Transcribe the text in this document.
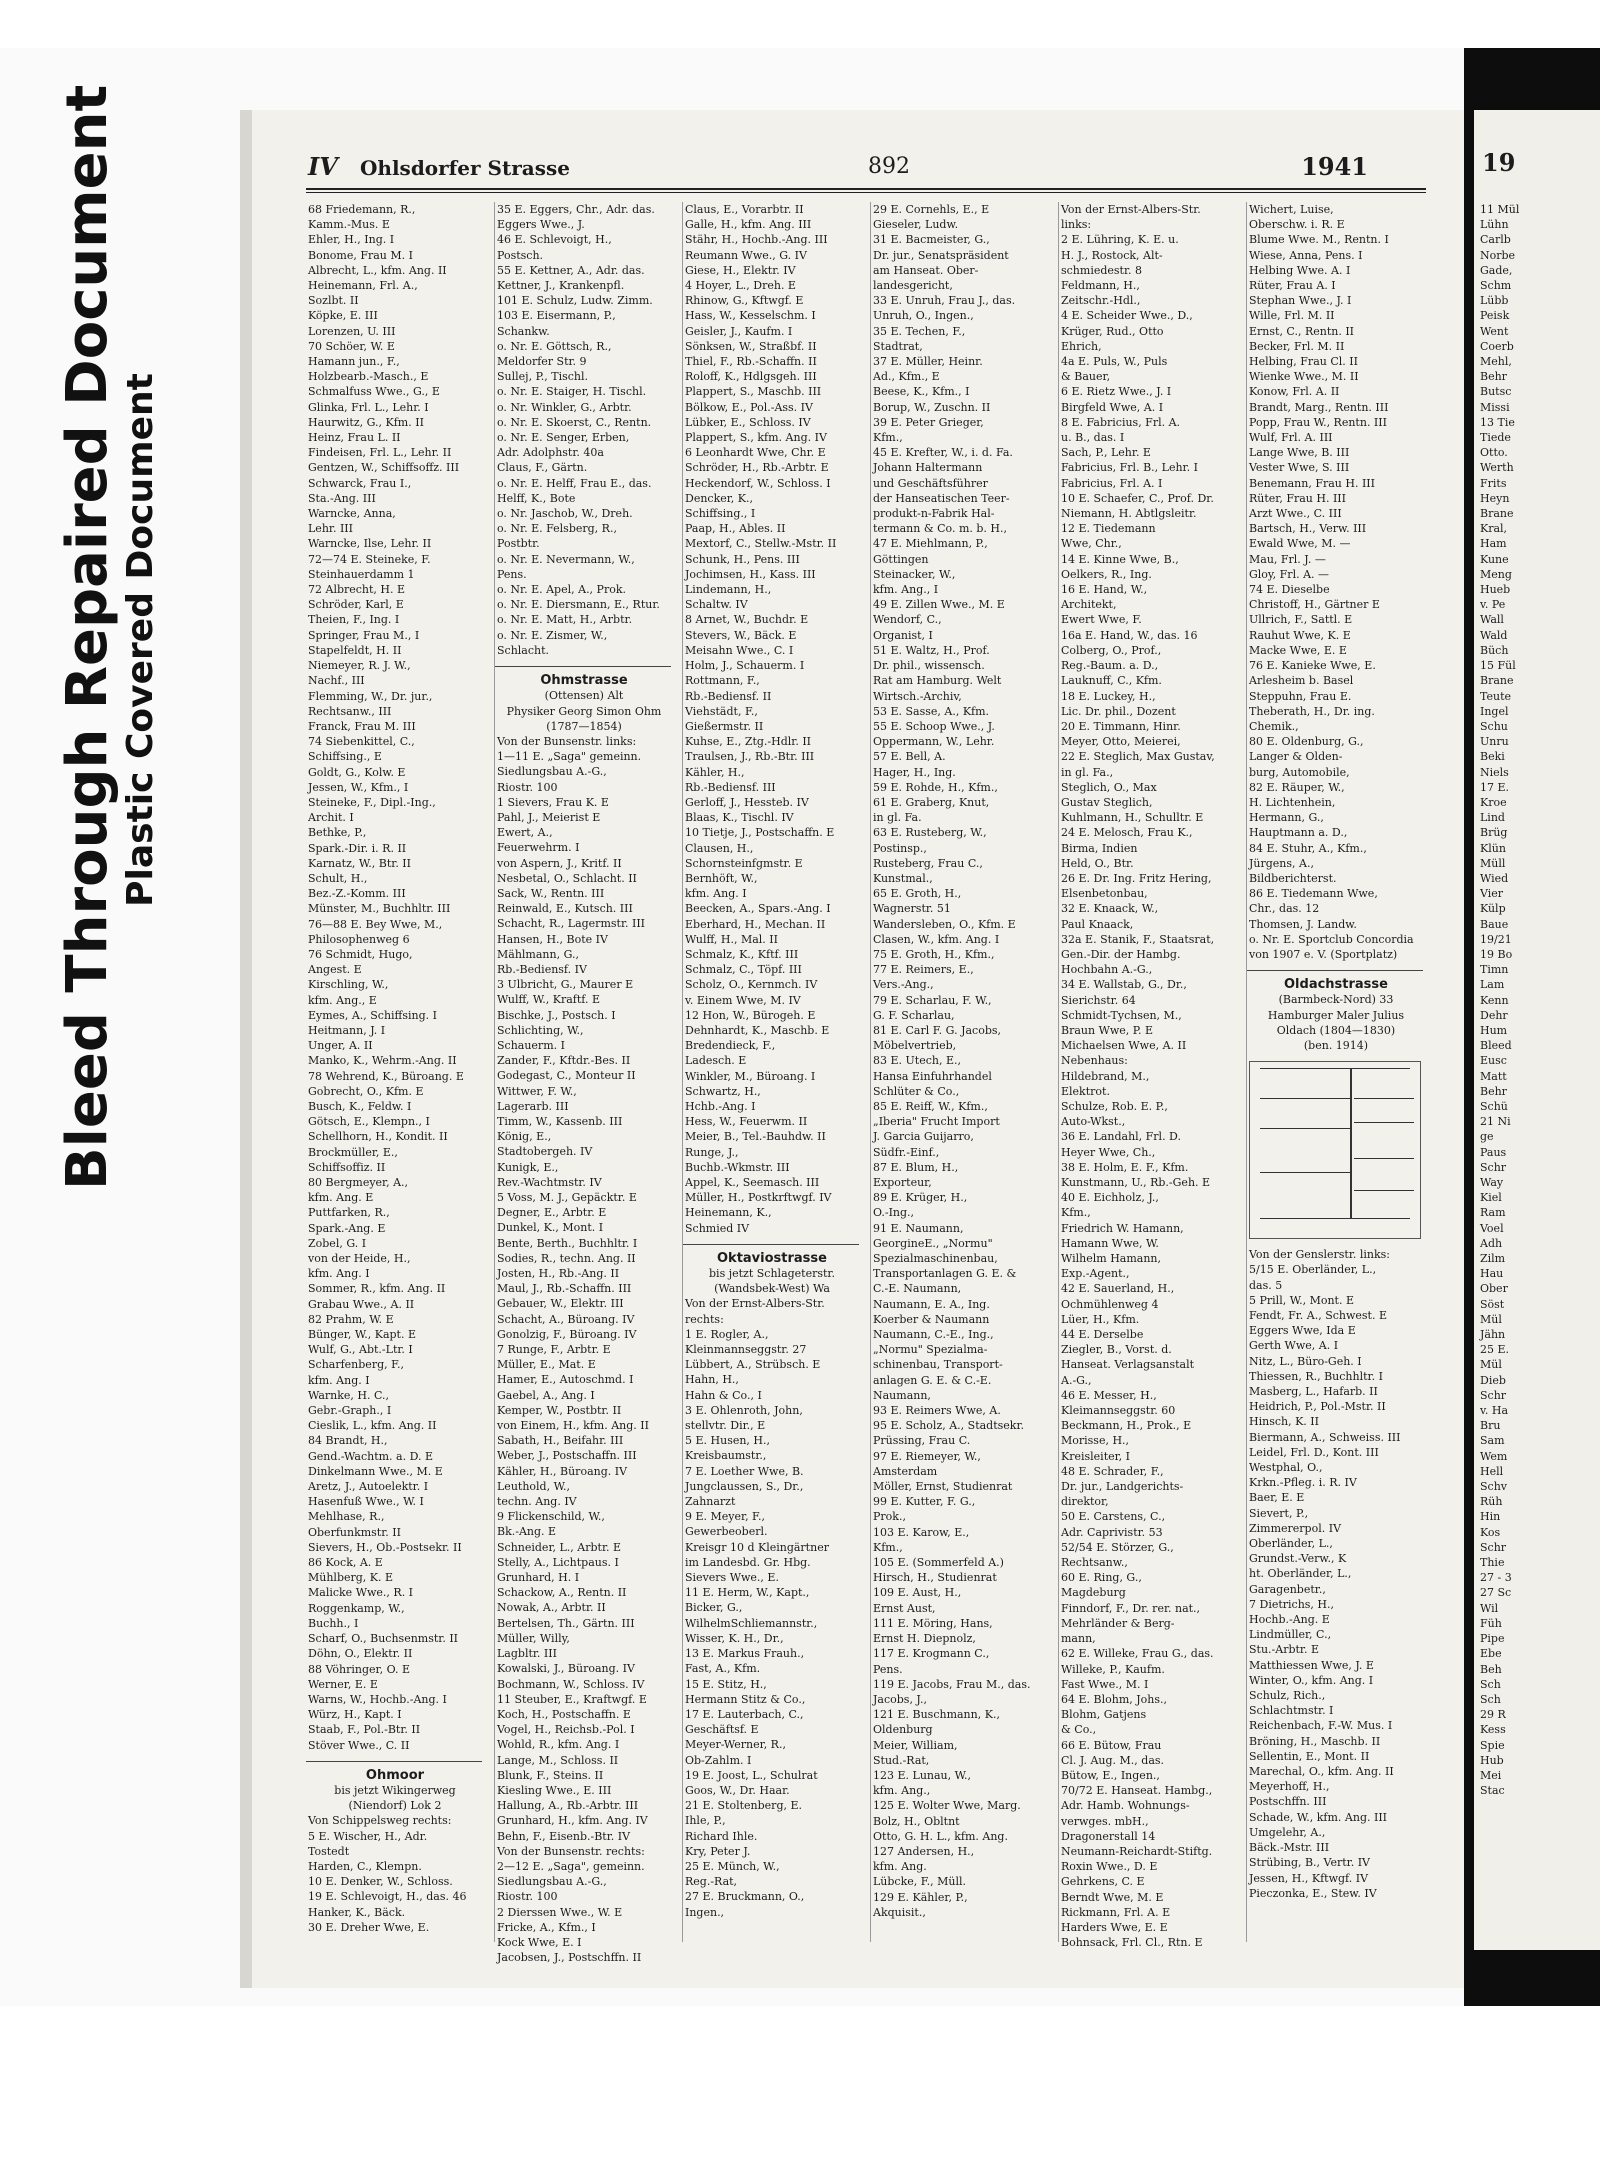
Bleed Through Repaired Document Plastic Covered Document
IV Ohlsdorfer Strasse	892	1941

68 Friedemann, R.,

Kamm.-Mus. E

Ehler, H., Ing. I

Bonome, Frau M. I

Albrecht, L., kfm. Ang. II

Heinemann, Frl. A.,

Sozlbt. II

Köpke, E. III

Lorenzen, U. III

70 Schöer, W. E

Hamann jun., F.,

Holzbearb.-Masch., E

Schmalfuss Wwe., G., E

Glinka, Frl. L., Lehr. I

Haurwitz, G., Kfm. II

Heinz, Frau L. II

Findeisen, Frl. L., Lehr. II

Gentzen, W., Schiffsoffz. III

Schwarck, Frau I.,

Sta.-Ang. III

Warncke, Anna,

Lehr. III

Warncke, Ilse, Lehr. II

72—74 E. Steineke, F.

Steinhauerdamm 1

72 Albrecht, H. E

Schröder, Karl, E

Theien, F., Ing. I

Springer, Frau M., I

Stapelfeldt, H. II

Niemeyer, R. J. W.,

Nachf., III

Flemming, W., Dr. jur.,

Rechtsanw., III

Franck, Frau M. III

74 Siebenkittel, C.,

Schiffsing., E

Goldt, G., Kolw. E

Jessen, W., Kfm., I

Steineke, F., Dipl.-Ing.,

Archit. I

Bethke, P.,

Spark.-Dir. i. R. II

Karnatz, W., Btr. II

Schult, H.,

Bez.-Z.-Komm. III

Münster, M., Buchhltr. III

76—88 E. Bey Wwe, M.,

Philosophenweg 6

76 Schmidt, Hugo,

Angest. E

Kirschling, W.,

kfm. Ang., E

Eymes, A., Schiffsing. I

Heitmann, J. I

Unger, A. II

Manko, K., Wehrm.-Ang. II

78 Wehrend, K., Büroang. E

Gobrecht, O., Kfm. E

Busch, K., Feldw. I

Götsch, E., Klempn., I

Schellhorn, H., Kondit. II

Brockmüller, E.,

Schiffsoffiz. II

80 Bergmeyer, A.,

kfm. Ang. E

Puttfarken, R.,

Spark.-Ang. E

Zobel, G. I

von der Heide, H.,

kfm. Ang. I

Sommer, R., kfm. Ang. II

Grabau Wwe., A. II

82 Prahm, W. E

Bünger, W., Kapt. E

Wulf, G., Abt.-Ltr. I

Scharfenberg, F.,

kfm. Ang. I

Warnke, H. C.,

Gebr.-Graph., I

Cieslik, L., kfm. Ang. II

84 Brandt, H.,

Gend.-Wachtm. a. D. E

Dinkelmann Wwe., M. E

Aretz, J., Autoelektr. I

Hasenfuß Wwe., W. I

Mehlhase, R.,

Oberfunkmstr. II

Sievers, H., Ob.-Postsekr. II

86 Kock, A. E

Mühlberg, K. E

Malicke Wwe., R. I

Roggenkamp, W.,

Buchh., I

Scharf, O., Buchsenmstr. II

Döhn, O., Elektr. II

88 Vöhringer, O. E

Werner, E. E

Warns, W., Hochb.-Ang. I

Würz, H., Kapt. I

Staab, F., Pol.-Btr. II

Stöver Wwe., C. II

Ohmoor

bis jetzt Wikingerweg

(Niendorf) Lok 2

Von Schippelsweg rechts:

5 E. Wischer, H., Adr.

Tostedt

Harden, C., Klempn.

10 E. Denker, W., Schloss.

19 E. Schlevoigt, H., das. 46

Hanker, K., Bäck.

30 E. Dreher Wwe, E.

35 E. Eggers, Chr., Adr. das.

Eggers Wwe., J.

46 E. Schlevoigt, H.,

Postsch.

55 E. Kettner, A., Adr. das.

Kettner, J., Krankenpfl.

101 E. Schulz, Ludw. Zimm.

103 E. Eisermann, P.,

Schankw.

o. Nr. E. Göttsch, R.,

Meldorfer Str. 9

Sullej, P., Tischl.

o. Nr. E. Staiger, H. Tischl.

o. Nr. Winkler, G., Arbtr.

o. Nr. E. Skoerst, C., Rentn.

o. Nr. E. Senger, Erben,

Adr. Adolphstr. 40a

Claus, F., Gärtn.

o. Nr. E. Helff, Frau E., das.

Helff, K., Bote

o. Nr. Jaschob, W., Dreh.

o. Nr. E. Felsberg, R.,

Postbtr.

o. Nr. E. Nevermann, W.,

Pens.

o. Nr. E. Apel, A., Prok.

o. Nr. E. Diersmann, E., Rtur.

o. Nr. E. Matt, H., Arbtr.

o. Nr. E. Zismer, W.,

Schlacht.

Ohmstrasse

(Ottensen) Alt

Physiker Georg Simon Ohm

(1787—1854)

Von der Bunsenstr. links:

1—11 E. „Saga" gemeinn.

Siedlungsbau A.-G.,

Riostr. 100

1 Sievers, Frau K. E

Pahl, J., Meierist E

Ewert, A.,

Feuerwehrm. I

von Aspern, J., Kritf. II

Nesbetal, O., Schlacht. II

Sack, W., Rentn. III

Reinwald, E., Kutsch. III

Schacht, R., Lagermstr. III

Hansen, H., Bote IV

Mählmann, G.,

Rb.-Bediensf. IV

3 Ulbricht, G., Maurer E

Wulff, W., Kraftf. E

Bischke, J., Postsch. I

Schlichting, W.,

Schauerm. I

Zander, F., Kftdr.-Bes. II

Godegast, C., Monteur II

Wittwer, F. W.,

Lagerarb. III

Timm, W., Kassenb. III

König, E.,

Stadtobergeh. IV

Kunigk, E.,

Rev.-Wachtmstr. IV

5 Voss, M. J., Gepäcktr. E

Degner, E., Arbtr. E

Dunkel, K., Mont. I

Bente, Berth., Buchhltr. I

Sodies, R., techn. Ang. II

Josten, H., Rb.-Ang. II

Maul, J., Rb.-Schaffn. III

Gebauer, W., Elektr. III

Schacht, A., Büroang. IV

Gonolzig, F., Büroang. IV

7 Runge, F., Arbtr. E

Müller, E., Mat. E

Hamer, E., Autoschmd. I

Gaebel, A., Ang. I

Kemper, W., Postbtr. II

von Einem, H., kfm. Ang. II

Sabath, H., Beifahr. III

Weber, J., Postschaffn. III

Kähler, H., Büroang. IV

Leuthold, W.,

techn. Ang. IV

9 Flickenschild, W.,

Bk.-Ang. E

Schneider, L., Arbtr. E

Stelly, A., Lichtpaus. I

Grunhard, H. I

Schackow, A., Rentn. II

Nowak, A., Arbtr. II

Bertelsen, Th., Gärtn. III

Müller, Willy,

Lagbltr. III

Kowalski, J., Büroang. IV

Bochmann, W., Schloss. IV

11 Steuber, E., Kraftwgf. E

Koch, H., Postschaffn. E

Vogel, H., Reichsb.-Pol. I

Wohld, R., kfm. Ang. I

Lange, M., Schloss. II

Blunk, F., Steins. II

Kiesling Wwe., E. III

Hallung, A., Rb.-Arbtr. III

Grunhard, H., kfm. Ang. IV

Behn, F., Eisenb.-Btr. IV

Von der Bunsenstr. rechts:

2—12 E. „Saga", gemeinn.

Siedlungsbau A.-G.,

Riostr. 100

2 Dierssen Wwe., W. E

Fricke, A., Kfm., I

Kock Wwe, E. I

Jacobsen, J., Postschffn. II

Claus, E., Vorarbtr. II

Galle, H., kfm. Ang. III

Stähr, H., Hochb.-Ang. III

Reumann Wwe., G. IV

Giese, H., Elektr. IV

4 Hoyer, L., Dreh. E

Rhinow, G., Kftwgf. E

Hass, W., Kesselschm. I

Geisler, J., Kaufm. I

Sönksen, W., Straßbf. II

Thiel, F., Rb.-Schaffn. II

Roloff, K., Hdlgsgeh. III

Plappert, S., Maschb. III

Bölkow, E., Pol.-Ass. IV

Lübker, E., Schloss. IV

Plappert, S., kfm. Ang. IV

6 Leonhardt Wwe, Chr. E

Schröder, H., Rb.-Arbtr. E

Heckendorf, W., Schloss. I

Dencker, K.,

Schiffsing., I

Paap, H., Ables. II

Mextorf, C., Stellw.-Mstr. II

Schunk, H., Pens. III

Jochimsen, H., Kass. III

Lindemann, H.,

Schaltw. IV

8 Arnet, W., Buchdr. E

Stevers, W., Bäck. E

Meisahn Wwe., C. I

Holm, J., Schauerm. I

Rottmann, F.,

Rb.-Bediensf. II

Viehstädt, F.,

Gießermstr. II

Kuhse, E., Ztg.-Hdlr. II

Traulsen, J., Rb.-Btr. III

Kähler, H.,

Rb.-Bediensf. III

Gerloff, J., Hessteb. IV

Blaas, K., Tischl. IV

10 Tietje, J., Postschaffn. E

Clausen, H.,

Schornsteinfgmstr. E

Bernhöft, W.,

kfm. Ang. I

Beecken, A., Spars.-Ang. I

Eberhard, H., Mechan. II

Wulff, H., Mal. II

Schmalz, K., Kftf. III

Schmalz, C., Töpf. III

Scholz, O., Kernmch. IV

v. Einem Wwe, M. IV

12 Hon, W., Bürogeh. E

Dehnhardt, K., Maschb. E

Bredendieck, F.,

Ladesch. E

Winkler, M., Büroang. I

Schwartz, H.,

Hchb.-Ang. I

Hess, W., Feuerwm. II

Meier, B., Tel.-Bauhdw. II

Runge, J.,

Buchb.-Wkmstr. III

Appel, K., Seemasch. III

Müller, H., Postkrftwgf. IV

Heinemann, K.,

Schmied IV

Oktaviostrasse

bis jetzt Schlageterstr.

(Wandsbek-West) Wa

Von der Ernst-Albers-Str.

rechts:

1 E. Rogler, A.,

Kleinmannseggstr. 27

Lübbert, A., Strübsch. E

Hahn, H.,

Hahn & Co., I

3 E. Ohlenroth, John,

stellvtr. Dir., E

5 E. Husen, H.,

Kreisbaumstr.,

7 E. Loether Wwe, B.

Jungclaussen, S., Dr.,

Zahnarzt

9 E. Meyer, F.,

Gewerbeoberl.

Kreisgr 10 d Kleingärtner

im Landesbd. Gr. Hbg.

Sievers Wwe., E.

11 E. Herm, W., Kapt.,

Bicker, G.,

WilhelmSchliemannstr.,

Wisser, K. H., Dr.,

13 E. Markus Frauh.,

Fast, A., Kfm.

15 E. Stitz, H.,

Hermann Stitz & Co.,

17 E. Lauterbach, C.,

Geschäftsf. E

Meyer-Werner, R.,

Ob-Zahlm. I

19 E. Joost, L., Schulrat

Goos, W., Dr. Haar.

21 E. Stoltenberg, E.

Ihle, P.,

Richard Ihle.

Kry, Peter J.

25 E. Münch, W.,

Reg.-Rat,

27 E. Bruckmann, O.,

Ingen.,

29 E. Cornehls, E., E

Gieseler, Ludw.

31 E. Bacmeister, G.,

Dr. jur., Senatspräsident

am Hanseat. Ober-

landesgericht,

33 E. Unruh, Frau J., das.

Unruh, O., Ingen.,

35 E. Techen, F.,

Stadtrat,

37 E. Müller, Heinr.

Ad., Kfm., E

Beese, K., Kfm., I

Borup, W., Zuschn. II

39 E. Peter Grieger,

Kfm.,

45 E. Krefter, W., i. d. Fa.

Johann Haltermann

und Geschäftsführer

der Hanseatischen Teer-

produkt-n-Fabrik Hal-

termann & Co. m. b. H.,

47 E. Miehlmann, P.,

Göttingen

Steinacker, W.,

kfm. Ang., I

49 E. Zillen Wwe., M. E

Wendorf, C.,

Organist, I

51 E. Waltz, H., Prof.

Dr. phil., wissensch.

Rat am Hamburg. Welt

Wirtsch.-Archiv,

53 E. Sasse, A., Kfm.

55 E. Schoop Wwe., J.

Oppermann, W., Lehr.

57 E. Bell, A.

Hager, H., Ing.

59 E. Rohde, H., Kfm.,

61 E. Graberg, Knut,

in gl. Fa.

63 E. Rusteberg, W.,

Postinsp.,

Rusteberg, Frau C.,

Kunstmal.,

65 E. Groth, H.,

Wagnerstr. 51

Wandersleben, O., Kfm. E

Clasen, W., kfm. Ang. I

75 E. Groth, H., Kfm.,

77 E. Reimers, E.,

Vers.-Ang.,

79 E. Scharlau, F. W.,

G. F. Scharlau,

81 E. Carl F. G. Jacobs,

Möbelvertrieb,

83 E. Utech, E.,

Hansa Einfuhrhandel

Schlüter & Co.,

85 E. Reiff, W., Kfm.,

„Iberia" Frucht Import

J. Garcia Guijarro,

Südfr.-Einf.,

87 E. Blum, H.,

Exporteur,

89 E. Krüger, H.,

O.-Ing.,

91 E. Naumann,

GeorgineE., „Normu"

Spezialmaschinenbau,

Transportanlagen G. E. &

C.-E. Naumann,

Naumann, E. A., Ing.

Koerber & Naumann

Naumann, C.-E., Ing.,

„Normu" Spezialma-

schinenbau, Transport-

anlagen G. E. & C.-E.

Naumann,

93 E. Reimers Wwe, A.

95 E. Scholz, A., Stadtsekr.

Prüssing, Frau C.

97 E. Riemeyer, W.,

Amsterdam

Möller, Ernst, Studienrat

99 E. Kutter, F. G.,

Prok.,

103 E. Karow, E.,

Kfm.,

105 E. (Sommerfeld A.)

Hirsch, H., Studienrat

109 E. Aust, H.,

Ernst Aust,

111 E. Möring, Hans,

Ernst H. Diepnolz,

117 E. Krogmann C.,

Pens.

119 E. Jacobs, Frau M., das.

Jacobs, J.,

121 E. Buschmann, K.,

Oldenburg

Meier, William,

Stud.-Rat,

123 E. Lunau, W.,

kfm. Ang.,

125 E. Wolter Wwe, Marg.

Bolz, H., Obltnt

Otto, G. H. L., kfm. Ang.

127 Andersen, H.,

kfm. Ang.

Lübcke, F., Müll.

129 E. Kähler, P.,

Akquisit.,

Von der Ernst-Albers-Str.

links:

2 E. Lühring, K. E. u.

H. J., Rostock, Alt-

schmiedestr. 8

Feldmann, H.,

Zeitschr.-Hdl.,

4 E. Scheider Wwe., D.,

Krüger, Rud., Otto

Ehrich,

4a E. Puls, W., Puls

& Bauer,

6 E. Rietz Wwe., J. I

Birgfeld Wwe, A. I

8 E. Fabricius, Frl. A.

u. B., das. I

Sach, P., Lehr. E

Fabricius, Frl. B., Lehr. I

Fabricius, Frl. A. I

10 E. Schaefer, C., Prof. Dr.

Niemann, H. Abtlgsleitr.

12 E. Tiedemann

Wwe, Chr.,

14 E. Kinne Wwe, B.,

Oelkers, R., Ing.

16 E. Hand, W.,

Architekt,

Ewert Wwe, F.

16a E. Hand, W., das. 16

Colberg, O., Prof.,

Reg.-Baum. a. D.,

Lauknuff, C., Kfm.

18 E. Luckey, H.,

Lic. Dr. phil., Dozent

20 E. Timmann, Hinr.

Meyer, Otto, Meierei,

22 E. Steglich, Max Gustav,

in gl. Fa.,

Steglich, O., Max

Gustav Steglich,

Kuhlmann, H., Schulltr. E

24 E. Melosch, Frau K.,

Birma, Indien

Held, O., Btr.

26 E. Dr. Ing. Fritz Hering,

Elsenbetonbau,

32 E. Knaack, W.,

Paul Knaack,

32a E. Stanik, F., Staatsrat,

Gen.-Dir. der Hambg.

Hochbahn A.-G.,

34 E. Wallstab, G., Dr.,

Sierichstr. 64

Schmidt-Tychsen, M.,

Braun Wwe, P. E

Michaelsen Wwe, A. II

Nebenhaus:

Hildebrand, M.,

Elektrot.

Schulze, Rob. E. P.,

Auto-Wkst.,

36 E. Landahl, Frl. D.

Heyer Wwe, Ch.,

38 E. Holm, E. F., Kfm.

Kunstmann, U., Rb.-Geh. E

40 E. Eichholz, J.,

Kfm.,

Friedrich W. Hamann,

Hamann Wwe, W.

Wilhelm Hamann,

Exp.-Agent.,

42 E. Sauerland, H.,

Ochmühlenweg 4

Lüer, H., Kfm.

44 E. Derselbe

Ziegler, B., Vorst. d.

Hanseat. Verlagsanstalt

A.-G.,

46 E. Messer, H.,

Kleimannseggstr. 60

Beckmann, H., Prok., E

Morisse, H.,

Kreisleiter, I

48 E. Schrader, F.,

Dr. jur., Landgerichts-

direktor,

50 E. Carstens, C.,

Adr. Caprivistr. 53

52/54 E. Störzer, G.,

Rechtsanw.,

60 E. Ring, G.,

Magdeburg

Finndorf, F., Dr. rer. nat.,

Mehrländer & Berg-

mann,

62 E. Willeke, Frau G., das.

Willeke, P., Kaufm.

Fast Wwe., M. I

64 E. Blohm, Johs.,

Blohm, Gatjens

& Co.,

66 E. Bütow, Frau

Cl. J. Aug. M., das.

Bütow, E., Ingen.,

70/72 E. Hanseat. Hambg.,

Adr. Hamb. Wohnungs-

verwges. mbH.,

Dragonerstall 14

Neumann-Reichardt-Stiftg.

Roxin Wwe., D. E

Gehrkens, C. E

Berndt Wwe, M. E

Rickmann, Frl. A. E

Harders Wwe, E. E

Bohnsack, Frl. Cl., Rtn. E

Wichert, Luise,

Oberschw. i. R. E

Blume Wwe. M., Rentn. I

Wiese, Anna, Pens. I

Helbing Wwe. A. I

Rüter, Frau A. I

Stephan Wwe., J. I

Wille, Frl. M. II

Ernst, C., Rentn. II

Becker, Frl. M. II

Helbing, Frau Cl. II

Wienke Wwe., M. II

Konow, Frl. A. II

Brandt, Marg., Rentn. III

Popp, Frau W., Rentn. III

Wulf, Frl. A. III

Lange Wwe, B. III

Vester Wwe, S. III

Benemann, Frau H. III

Rüter, Frau H. III

Arzt Wwe., C. III

Bartsch, H., Verw. III

Ewald Wwe, M. —

Mau, Frl. J. —

Gloy, Frl. A. —

74 E. Dieselbe

Christoff, H., Gärtner E

Ullrich, F., Sattl. E

Rauhut Wwe, K. E

Macke Wwe, E. E

76 E. Kanieke Wwe, E.

Arlesheim b. Basel

Steppuhn, Frau E.

Theberath, H., Dr. ing.

Chemik.,

80 E. Oldenburg, G.,

Langer & Olden-

burg, Automobile,

82 E. Räuper, W.,

H. Lichtenhein,

Hermann, G.,

Hauptmann a. D.,

84 E. Stuhr, A., Kfm.,

Jürgens, A.,

Bildberichterst.

86 E. Tiedemann Wwe,

Chr., das. 12

Thomsen, J. Landw.

o. Nr. E. Sportclub Concordia

von 1907 e. V. (Sportplatz)

Oldachstrasse

(Barmbeck-Nord) 33

Hamburger Maler Julius

Oldach (1804—1830)

(ben. 1914)

Von der Genslerstr. links:

5/15 E. Oberländer, L.,

das. 5

5 Prill, W., Mont. E

Fendt, Fr. A., Schwest. E

Eggers Wwe, Ida E

Gerth Wwe, A. I

Nitz, L., Büro-Geh. I

Thiessen, R., Buchhltr. I

Masberg, L., Hafarb. II

Heidrich, P., Pol.-Mstr. II

Hinsch, K. II

Biermann, A., Schweiss. III

Leidel, Frl. D., Kont. III

Westphal, O.,

Krkn.-Pfleg. i. R. IV

Baer, E. E

Sievert, P.,

Zimmererpol. IV

Oberländer, L.,

Grundst.-Verw., K

ht. Oberländer, L.,

Garagenbetr.,

7 Dietrichs, H.,

Hochb.-Ang. E

Lindmüller, C.,

Stu.-Arbtr. E

Matthiessen Wwe, J. E

Winter, O., kfm. Ang. I

Schulz, Rich.,

Schlachtmstr. I

Reichenbach, F.-W. Mus. I

Bröning, H., Maschb. II

Sellentin, E., Mont. II

Marechal, O., kfm. Ang. II

Meyerhoff, H.,

Postschffn. III

Schade, W., kfm. Ang. III

Umgelehr, A.,

Bäck.-Mstr. III

Strübing, B., Vertr. IV

Jessen, H., Kftwgf. IV

Pieczonka, E., Stew. IV

19

11 Mül

Lühn

Carlb

Norbe

Gade,

Schm

Lübb

Peisk

Went

Coerb

Mehl,

Behr

Butsc

Missi

13 Tie

Tiede

Otto.

Werth

Frits

Heyn

Brane

Kral,

Ham

Kune

Meng

Hueb

v. Pe

Wall

Wald

Büch

15 Fül

Brane

Teute

Ingel

Schu

Unru

Beki

Niels

17 E.

Kroe

Lind

Brüg

Klün

Müll

Wied

Vier

Külp

Baue

19/21

19 Bo

Timn

Lam

Kenn

Dehr

Hum

Bleed

Eusc

Matt

Behr

Schü

21 Ni

ge

Paus

Schr

Way

Kiel

Ram

Voel

Adh

Zilm

Hau

Ober

Söst

Mül

Jähn

25 E.

Mül

Dieb

Schr

v. Ha

Bru

Sam

Wem

Hell

Schv

Rüh

Hin

Kos

Schr

Thie

27 - 3

27 Sc

Wil

Füh

Pipe

Ebe

Beh

Sch

Sch

29 R

Kess

Spie

Hub

Mei

Stac
